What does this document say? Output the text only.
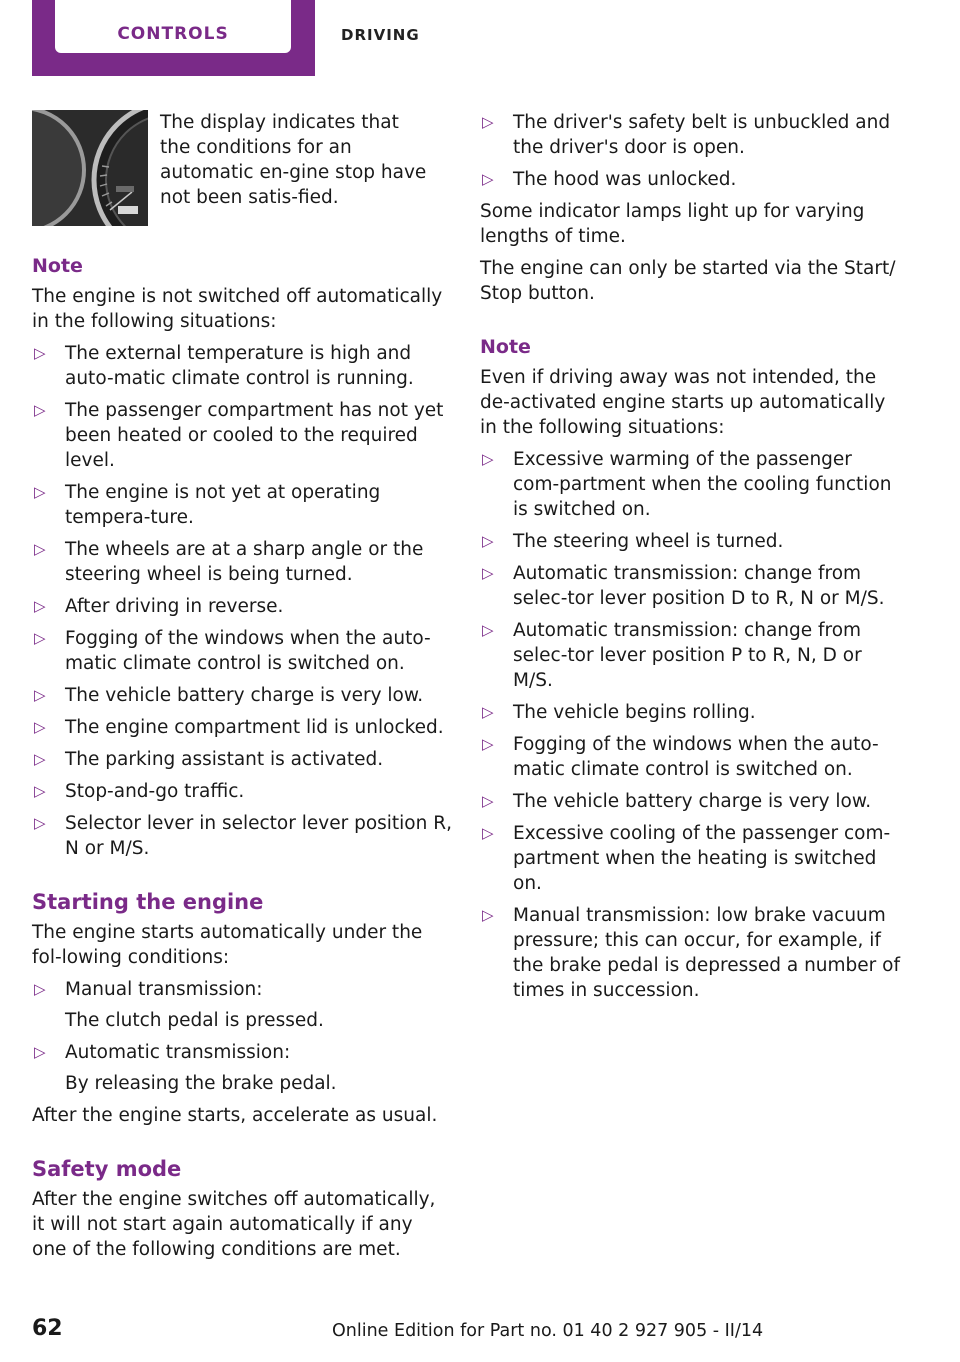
CONTROLS	DRIVING
The display indicates that the conditions for an automatic en-gine stop have not been satis-fied.
Note

The engine is not switched off automatically in the following situations:

▷ The external temperature is high and auto-matic climate control is running.
▷ The passenger compartment has not yet been heated or cooled to the required level.
▷ The engine is not yet at operating tempera-ture.
▷ The wheels are at a sharp angle or the steering wheel is being turned.
▷ After driving in reverse.
▷ Fogging of the windows when the auto-matic climate control is switched on.
▷ The vehicle battery charge is very low.
▷ The engine compartment lid is unlocked.
▷ The parking assistant is activated.
▷ Stop-and-go traffic.
▷ Selector lever in selector lever position R, N or M/S.
Starting the engine

The engine starts automatically under the fol-lowing conditions:

▷ Manual transmission:
The clutch pedal is pressed.
▷ Automatic transmission:
By releasing the brake pedal.

After the engine starts, accelerate as usual.

Safety mode

After the engine switches off automatically, it will not start again automatically if any one of the following conditions are met.

▷ The driver's safety belt is unbuckled and the driver's door is open.
▷ The hood was unlocked.

Some indicator lamps light up for varying lengths of time.

The engine can only be started via the Start/ Stop button.

Note

Even if driving away was not intended, the de-activated engine starts up automatically in the following situations:

▷ Excessive warming of the passenger com-partment when the cooling function is switched on.
▷ The steering wheel is turned.
▷ Automatic transmission: change from selec-tor lever position D to R, N or M/S.
▷ Automatic transmission: change from selec-tor lever position P to R, N, D or M/S.
▷ The vehicle begins rolling.
▷ Fogging of the windows when the auto-matic climate control is switched on.
▷ The vehicle battery charge is very low.
▷ Excessive cooling of the passenger com-partment when the heating is switched on.
▷ Manual transmission: low brake vacuum pressure; this can occur, for example, if the brake pedal is depressed a number of times in succession.
62	Online Edition for Part no. 01 40 2 927 905 - II/14
